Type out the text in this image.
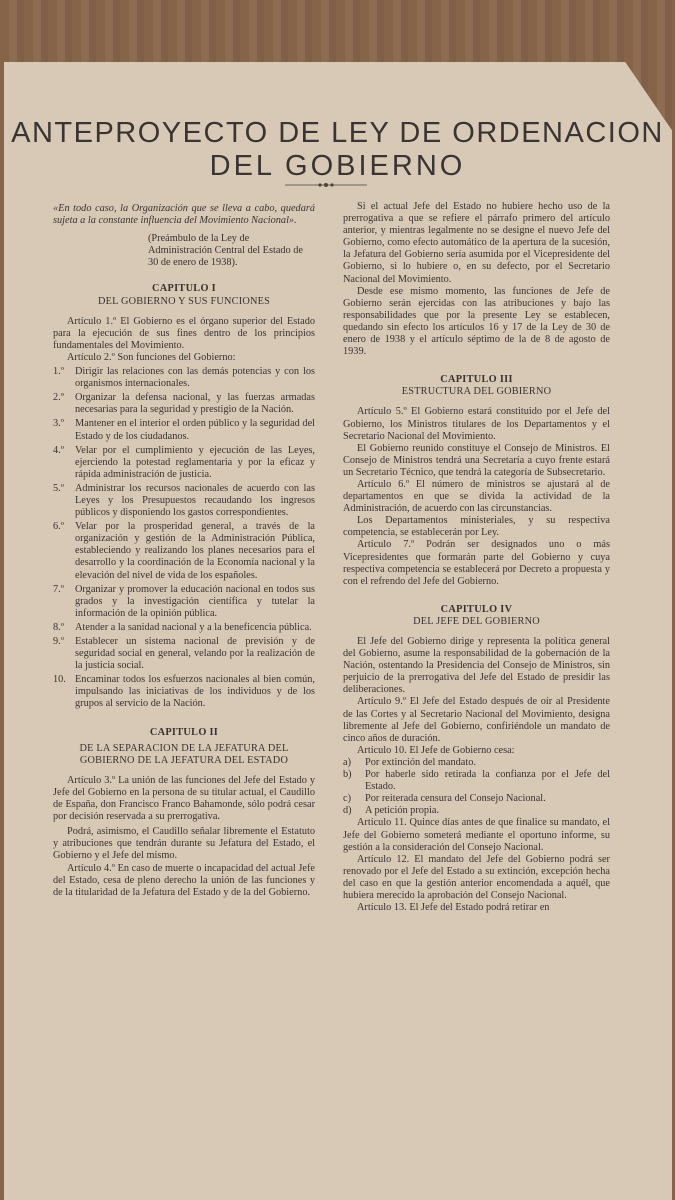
ANTEPROYECTO DE LEY DE ORDENACION
DEL GOBIERNO

«En todo caso, la Organización que se lleva a cabo, quedará sujeta a la constante influencia del Movimiento Nacional».

(Preámbulo de la Ley de Administración Central del Estado de 30 de enero de 1938).
CAPITULO I
DEL GOBIERNO Y SUS FUNCIONES

Artículo 1.º El Gobierno es el órgano superior del Estado para la ejecución de sus fines dentro de los principios fundamentales del Movimiento.

Artículo 2.º Son funciones del Gobierno:

1.º	Dirigir las relaciones con las demás potencias y con los organismos internacionales.
2.º	Organizar la defensa nacional, y las fuerzas armadas necesarias para la seguridad y prestigio de la Nación.
3.º	Mantener en el interior el orden público y la seguridad del Estado y de los ciudadanos.
4.º	Velar por el cumplimiento y ejecución de las Leyes, ejerciendo la potestad reglamentaria y por la eficaz y rápida administración de justicia.
5.º	Administrar los recursos nacionales de acuerdo con las Leyes y los Presupuestos recaudando los ingresos públicos y disponiendo los gastos correspondientes.
6.º	Velar por la prosperidad general, a través de la organización y gestión de la Administración Pública, estableciendo y realizando los planes necesarios para el desarrollo y la coordinación de la Economía nacional y la elevación del nivel de vida de los españoles.
7.º	Organizar y promover la educación nacional en todos sus grados y la investigación científica y tutelar la información de la opinión pública.
8.º	Atender a la sanidad nacional y a la beneficencia pública.
9.º	Establecer un sistema nacional de previsión y de seguridad social en general, velando por la realización de la justicia social.
10. Encaminar todos los esfuerzos nacionales al bien común, impulsando las iniciativas de los individuos y de los grupos al servicio de la Nación.
CAPITULO II
DE LA SEPARACION DE LA JEFATURA DEL GOBIERNO DE LA JEFATURA DEL ESTADO

Artículo 3.º La unión de las funciones del Jefe del Estado y Jefe del Gobierno en la persona de su titular actual, el Caudillo de España, don Francisco Franco Bahamonde, sólo podrá cesar por decisión reservada a su prerrogativa.

Podrá, asimismo, el Caudillo señalar libremente el Estatuto y atribuciones que tendrán durante su Jefatura del Estado, el Gobierno y el Jefe del mismo.

Artículo 4.º En caso de muerte o incapacidad del actual Jefe del Estado, cesa de pleno derecho la unión de las funciones y de la titularidad de la Jefatura del Estado y de la del Gobierno.

Si el actual Jefe del Estado no hubiere hecho uso de la prerrogativa a que se refiere el párrafo primero del artículo anterior, y mientras legalmente no se designe el nuevo Jefe del Gobierno, como efecto automático de la apertura de la sucesión, la Jefatura del Gobierno sería asumida por el Vicepresidente del Gobierno, si lo hubiere o, en su defecto, por el Secretario Nacional del Movimiento.

Desde ese mismo momento, las funciones de Jefe de Gobierno serán ejercidas con las atribuciones y bajo las responsabilidades que por la presente Ley se establecen, quedando sin efecto los artículos 16 y 17 de la Ley de 30 de enero de 1938 y el artículo séptimo de la de 8 de agosto de 1939.

CAPITULO III
ESTRUCTURA DEL GOBIERNO

Artículo 5.º El Gobierno estará constituido por el Jefe del Gobierno, los Ministros titulares de los Departamentos y el Secretario Nacional del Movimiento.

El Gobierno reunido constituye el Consejo de Ministros. El Consejo de Ministros tendrá una Secretaría a cuyo frente estará un Secretario Técnico, que tendrá la categoría de Subsecretario.

Artículo 6.º El número de ministros se ajustará al de departamentos en que se divida la actividad de la Administración, de acuerdo con las circunstancias.

Los Departamentos ministeriales, y su respectiva competencia, se establecerán por Ley.

Artículo 7.º Podrán ser designados uno o más Vicepresidentes que formarán parte del Gobierno y cuya respectiva competencia se establecerá por Decreto a propuesta y con el refrendo del Jefe del Gobierno.

CAPITULO IV
DEL JEFE DEL GOBIERNO

El Jefe del Gobierno dirige y representa la política general del Gobierno, asume la responsabilidad de la gobernación de la Nación, ostentando la Presidencia del Consejo de Ministros, sin perjuicio de la prerrogativa del Jefe del Estado de presidir las deliberaciones.

Artículo 9.º El Jefe del Estado después de oír al Presidente de las Cortes y al Secretario Nacional del Movimiento, designa libremente al Jefe del Gobierno, confiriéndole un mandato de cinco años de duración.

Artículo 10. El Jefe de Gobierno cesa:

a)	Por extinción del mandato.
b)	Por haberle sido retirada la confianza por el Jefe del Estado.
c)	Por reiterada censura del Consejo Nacional.
d)	A petición propia.

Artículo 11. Quince días antes de que finalice su mandato, el Jefe del Gobierno someterá mediante el oportuno informe, su gestión a la consideración del Consejo Nacional.

Artículo 12. El mandato del Jefe del Gobierno podrá ser renovado por el Jefe del Estado a su extinción, excepción hecha del caso en que la gestión anterior encomendada a aquél, que hubiera merecido la aprobación del Consejo Nacional.

Artículo 13. El Jefe del Estado podrá retirar en
